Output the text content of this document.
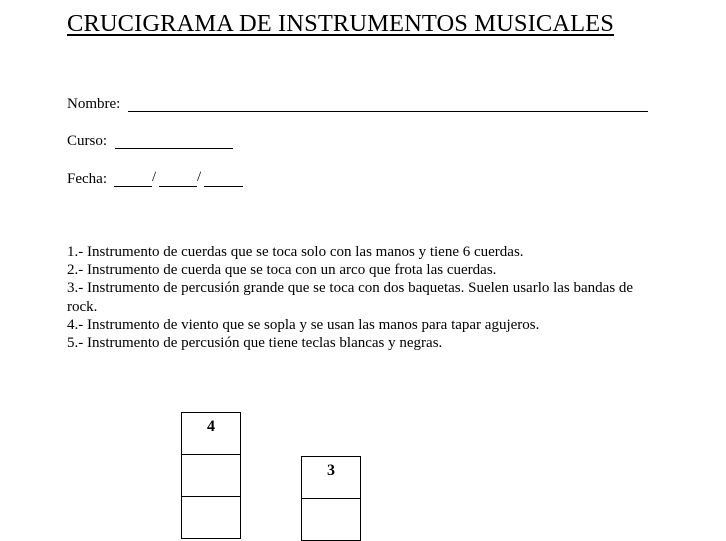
CRUCIGRAMA DE INSTRUMENTOS MUSICALES
Nombre:
Curso:
Fecha:	/	/
1.- Instrumento de cuerdas que se toca solo con las manos y tiene 6 cuerdas.
2.- Instrumento de cuerda que se toca con un arco que frota las cuerdas.
3.- Instrumento de percusión grande que se toca con dos baquetas. Suelen usarlo las bandas de rock.
4.- Instrumento de viento que se sopla y se usan las manos para tapar agujeros.
5.- Instrumento de percusión que tiene teclas blancas y negras.
4
3
